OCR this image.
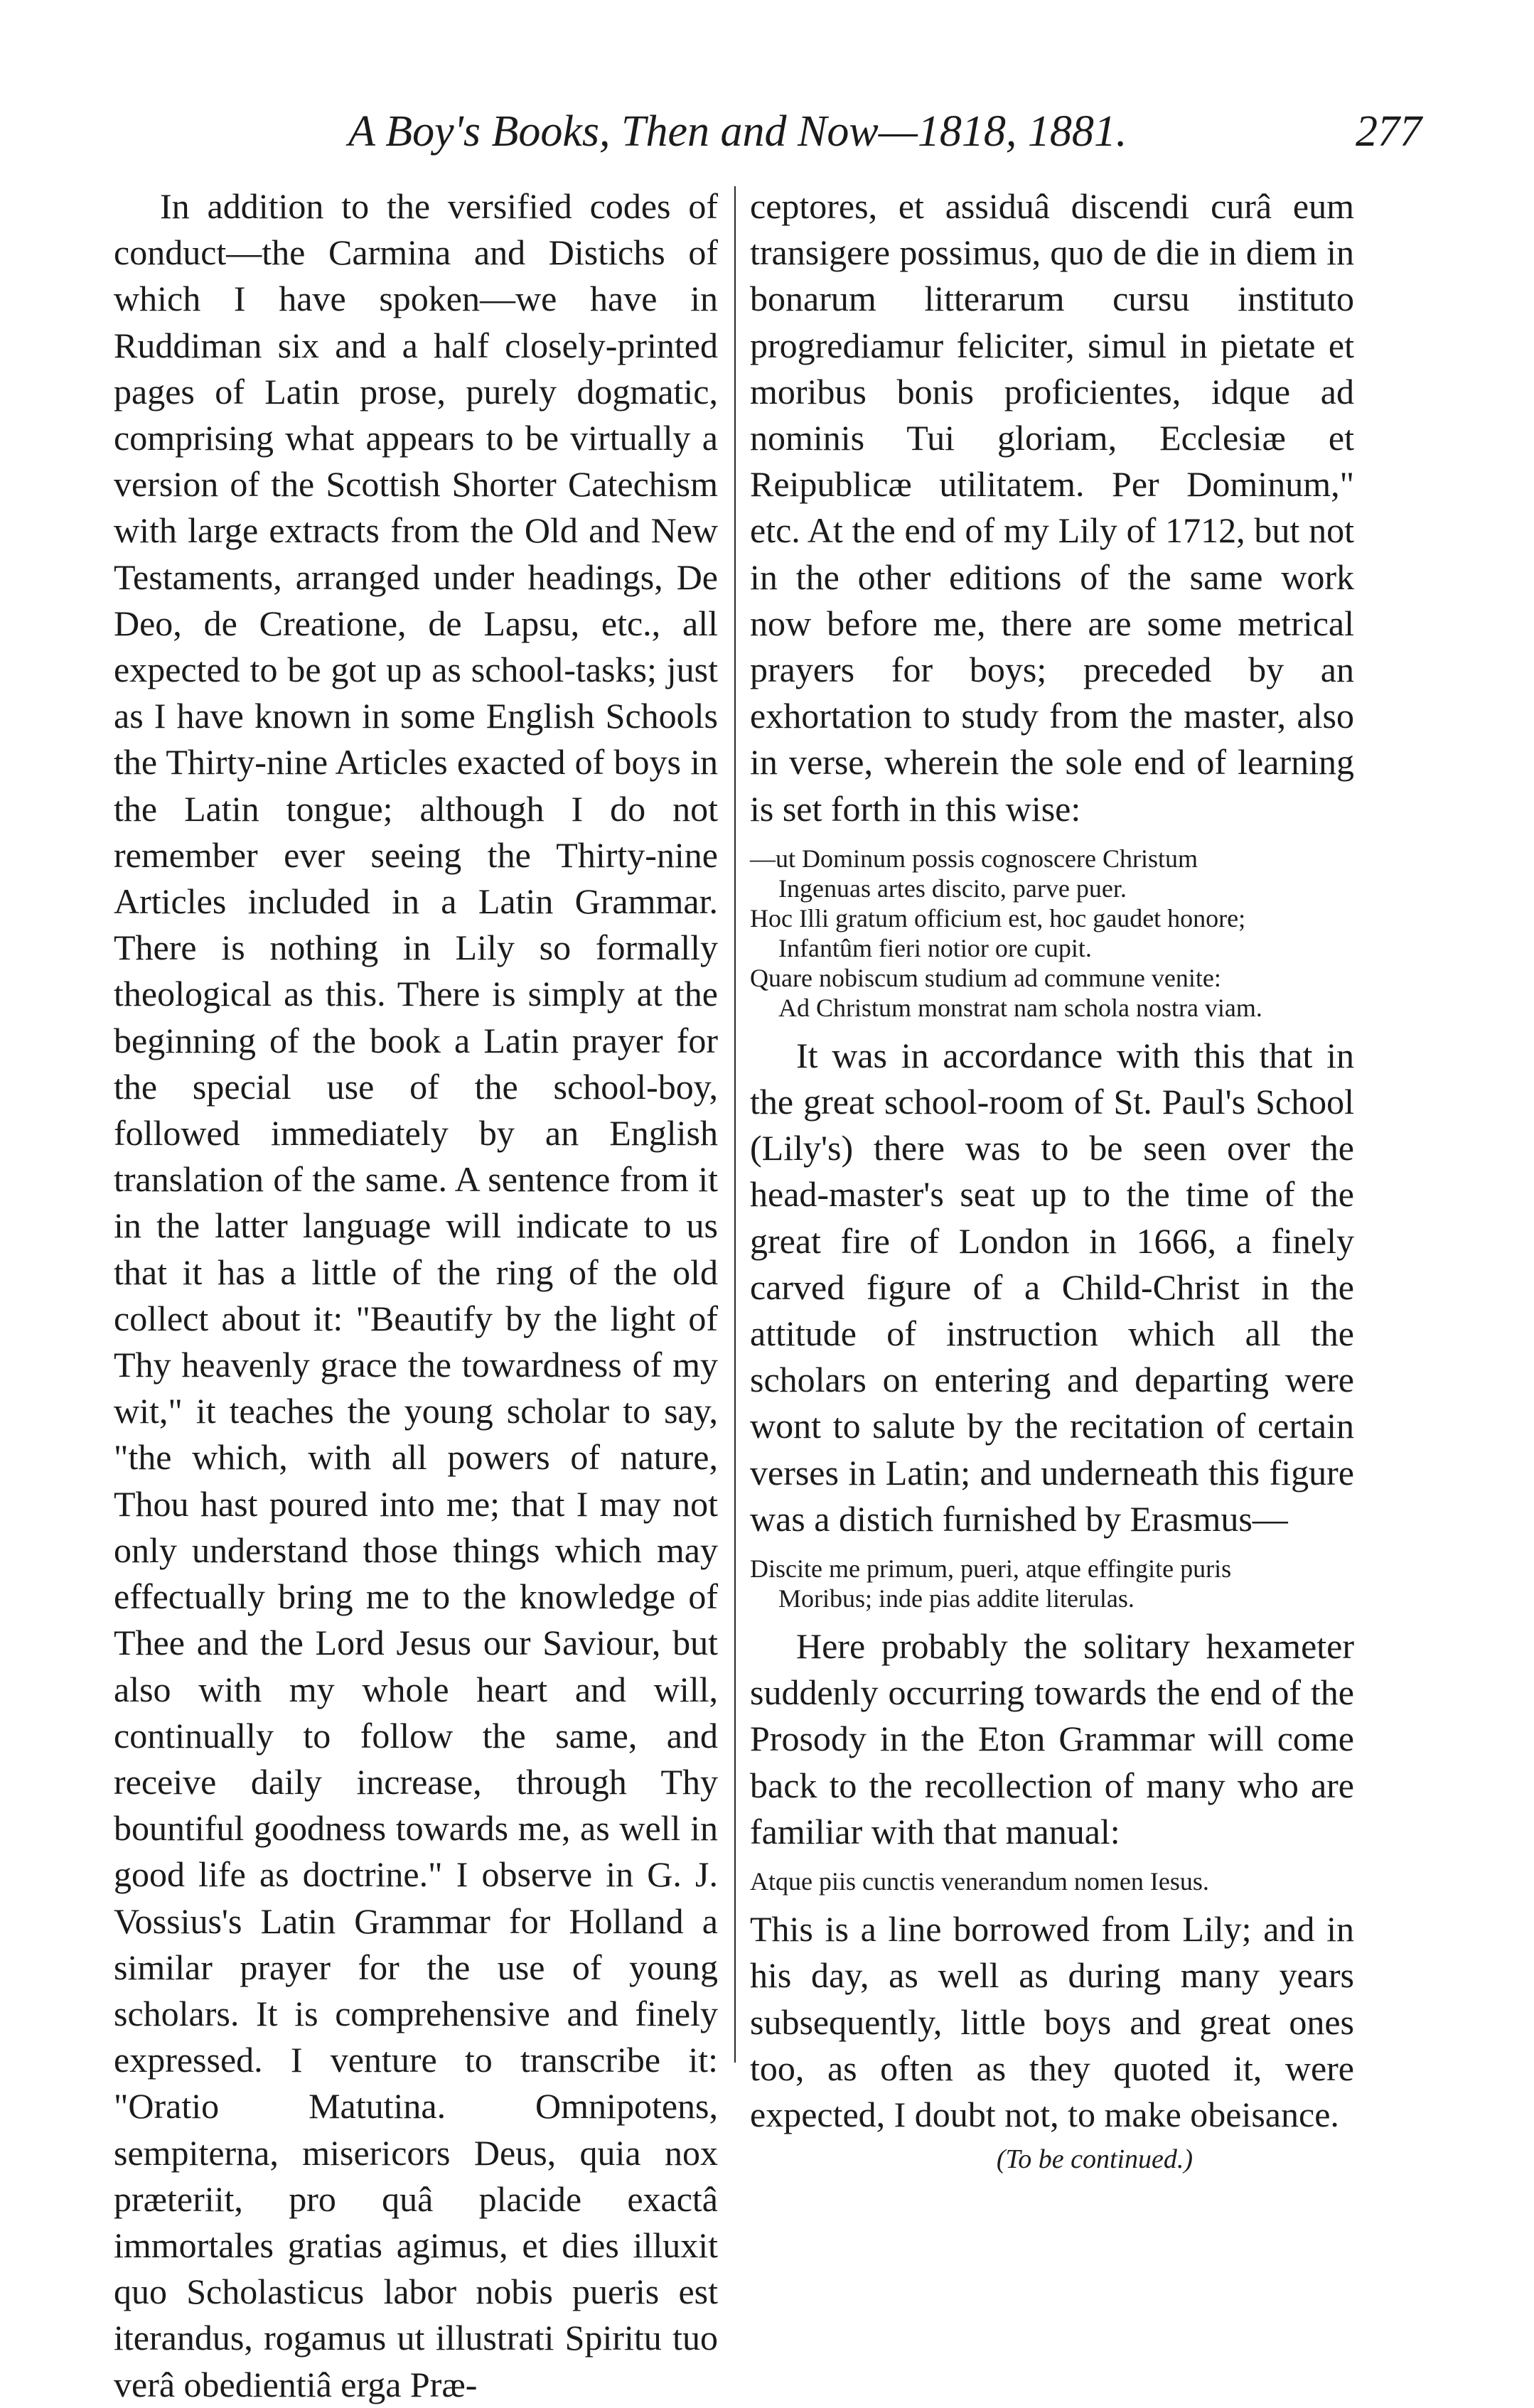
A Boy's Books, Then and Now—1818, 1881.	277

In addition to the versified codes of conduct—the Carmina and Distichs of which I have spoken—we have in Ruddiman six and a half closely-printed pages of Latin prose, purely dogmatic, comprising what appears to be virtually a version of the Scottish Shorter Catechism with large extracts from the Old and New Testaments, arranged under headings, De Deo, de Creatione, de Lapsu, etc., all expected to be got up as school-tasks; just as I have known in some English Schools the Thirty-nine Articles exacted of boys in the Latin tongue; although I do not remember ever seeing the Thirty-nine Articles included in a Latin Grammar. There is nothing in Lily so formally theological as this. There is simply at the beginning of the book a Latin prayer for the special use of the school-boy, followed immediately by an English translation of the same. A sentence from it in the latter language will indicate to us that it has a little of the ring of the old collect about it: "Beautify by the light of Thy heavenly grace the towardness of my wit," it teaches the young scholar to say, "the which, with all powers of nature, Thou hast poured into me; that I may not only understand those things which may effectually bring me to the knowledge of Thee and the Lord Jesus our Saviour, but also with my whole heart and will, continually to follow the same, and receive daily increase, through Thy bountiful goodness towards me, as well in good life as doctrine." I observe in G. J. Vossius's Latin Grammar for Holland a similar prayer for the use of young scholars. It is comprehensive and finely expressed. I venture to transcribe it: "Oratio Matutina. Omnipotens, sempiterna, misericors Deus, quia nox præteriit, pro quâ placide exactâ immortales gratias agimus, et dies illuxit quo Scholasticus labor nobis pueris est iterandus, rogamus ut illustrati Spiritu tuo verâ obedientiâ erga Præ-

ceptores, et assiduâ discendi curâ eum transigere possimus, quo de die in diem in bonarum litterarum cursu instituto progrediamur feliciter, simul in pietate et moribus bonis proficientes, idque ad nominis Tui gloriam, Ecclesiæ et Reipublicæ utilitatem. Per Dominum," etc. At the end of my Lily of 1712, but not in the other editions of the same work now before me, there are some metrical prayers for boys; preceded by an exhortation to study from the master, also in verse, wherein the sole end of learning is set forth in this wise:

—ut Dominum possis cognoscere Christum
Ingenuas artes discito, parve puer.
Hoc Illi gratum officium est, hoc gaudet honore;
Infantûm fieri notior ore cupit.
Quare nobiscum studium ad commune venite:
Ad Christum monstrat nam schola nostra viam.

It was in accordance with this that in the great school-room of St. Paul's School (Lily's) there was to be seen over the head-master's seat up to the time of the great fire of London in 1666, a finely carved figure of a Child-Christ in the attitude of instruction which all the scholars on entering and departing were wont to salute by the recitation of certain verses in Latin; and underneath this figure was a distich furnished by Erasmus—

Discite me primum, pueri, atque effingite puris
Moribus; inde pias addite literulas.

Here probably the solitary hexameter suddenly occurring towards the end of the Prosody in the Eton Grammar will come back to the recollection of many who are familiar with that manual:

Atque piis cunctis venerandum nomen Iesus.

This is a line borrowed from Lily; and in his day, as well as during many years subsequently, little boys and great ones too, as often as they quoted it, were expected, I doubt not, to make obeisance.

(To be continued.)
